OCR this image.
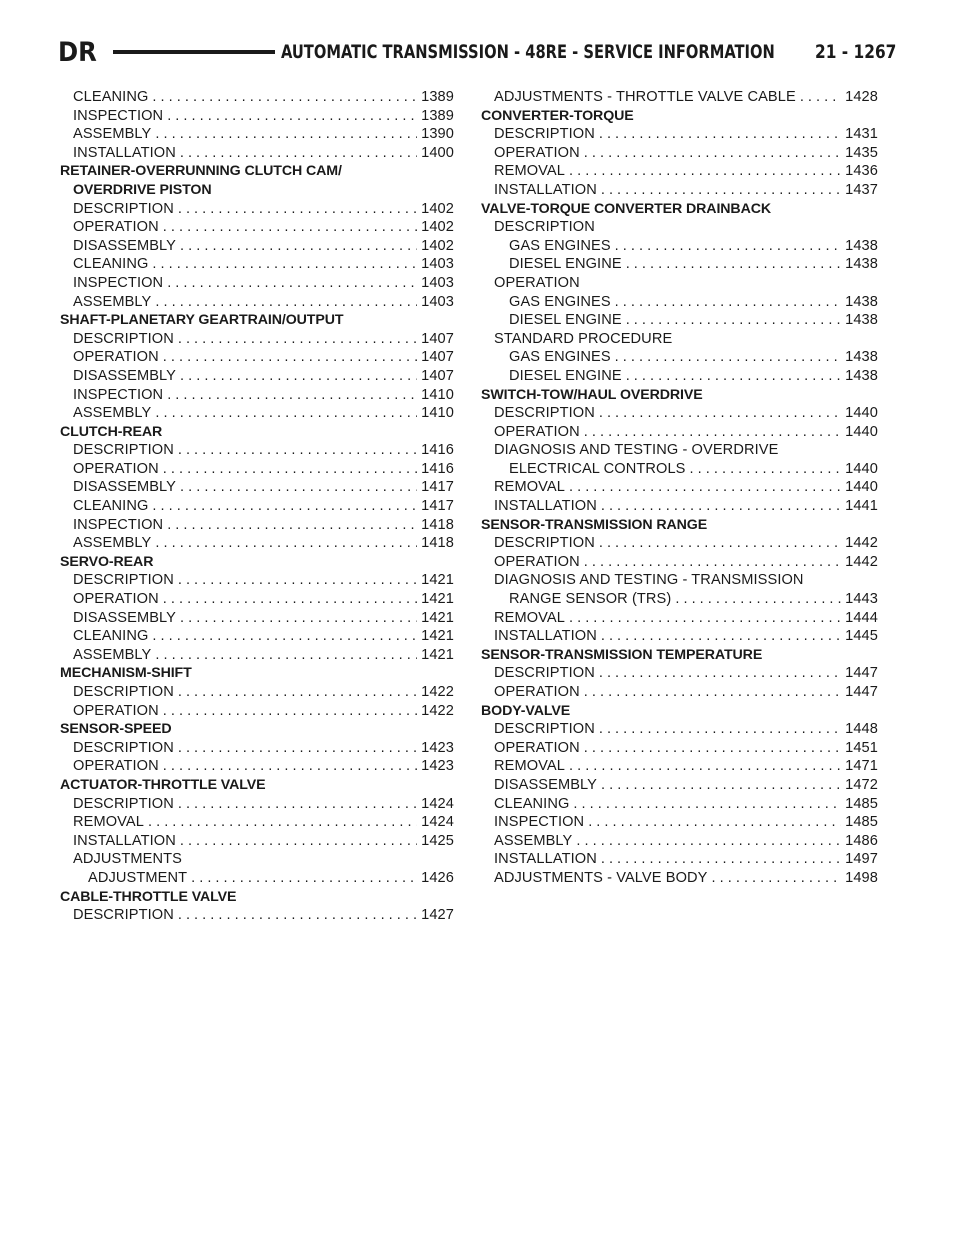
DR	AUTOMATIC TRANSMISSION - 48RE - SERVICE INFORMATION 21 - 1267
CLEANING . . .	1389
INSPECTION . . .	1389
ASSEMBLY . . .	1390
INSTALLATION . . .	1400
RETAINER-OVERRUNNING CLUTCH CAM/
OVERDRIVE PISTON
DESCRIPTION . . .	1402
OPERATION . . .	1402
DISASSEMBLY . . .	1402
CLEANING . . .	1403
INSPECTION . . .	1403
ASSEMBLY . . .	1403
SHAFT-PLANETARY GEARTRAIN/OUTPUT
DESCRIPTION . . .	1407
OPERATION . . .	1407
DISASSEMBLY . . .	1407
INSPECTION . . .	1410
ASSEMBLY . . .	1410
CLUTCH-REAR
DESCRIPTION . . .	1416
OPERATION . . .	1416
DISASSEMBLY . . .	1417
CLEANING . . .	1417
INSPECTION . . .	1418
ASSEMBLY . . .	1418
SERVO-REAR
DESCRIPTION . . .	1421
OPERATION . . .	1421
DISASSEMBLY . . .	1421
CLEANING . . .	1421
ASSEMBLY . . .	1421
MECHANISM-SHIFT
DESCRIPTION . . .	1422
OPERATION . . .	1422
SENSOR-SPEED
DESCRIPTION . . .	1423
OPERATION . . .	1423
ACTUATOR-THROTTLE VALVE
DESCRIPTION . . .	1424
REMOVAL . . .	1424
INSTALLATION . . .	1425
ADJUSTMENTS
ADJUSTMENT . . .	1426
CABLE-THROTTLE VALVE
DESCRIPTION . . .	1427
ADJUSTMENTS - THROTTLE VALVE CABLE . . .	1428
CONVERTER-TORQUE
DESCRIPTION . . .	1431
OPERATION . . .	1435
REMOVAL . . .	1436
INSTALLATION . . .	1437
VALVE-TORQUE CONVERTER DRAINBACK
DESCRIPTION
GAS ENGINES . . .	1438
DIESEL ENGINE . . .	1438
OPERATION
GAS ENGINES . . .	1438
DIESEL ENGINE . . .	1438
STANDARD PROCEDURE
GAS ENGINES . . .	1438
DIESEL ENGINE . . .	1438
SWITCH-TOW/HAUL OVERDRIVE
DESCRIPTION . . .	1440
OPERATION . . .	1440
DIAGNOSIS AND TESTING - OVERDRIVE
ELECTRICAL CONTROLS . . .	1440
REMOVAL . . .	1440
INSTALLATION . . .	1441
SENSOR-TRANSMISSION RANGE
DESCRIPTION . . .	1442
OPERATION . . .	1442
DIAGNOSIS AND TESTING - TRANSMISSION
RANGE SENSOR (TRS) . . .	1443
REMOVAL . . .	1444
INSTALLATION . . .	1445
SENSOR-TRANSMISSION TEMPERATURE
DESCRIPTION . . .	1447
OPERATION . . .	1447
BODY-VALVE
DESCRIPTION . . .	1448
OPERATION . . .	1451
REMOVAL . . .	1471
DISASSEMBLY . . .	1472
CLEANING . . .	1485
INSPECTION . . .	1485
ASSEMBLY . . .	1486
INSTALLATION . . .	1497
ADJUSTMENTS - VALVE BODY . . .	1498
